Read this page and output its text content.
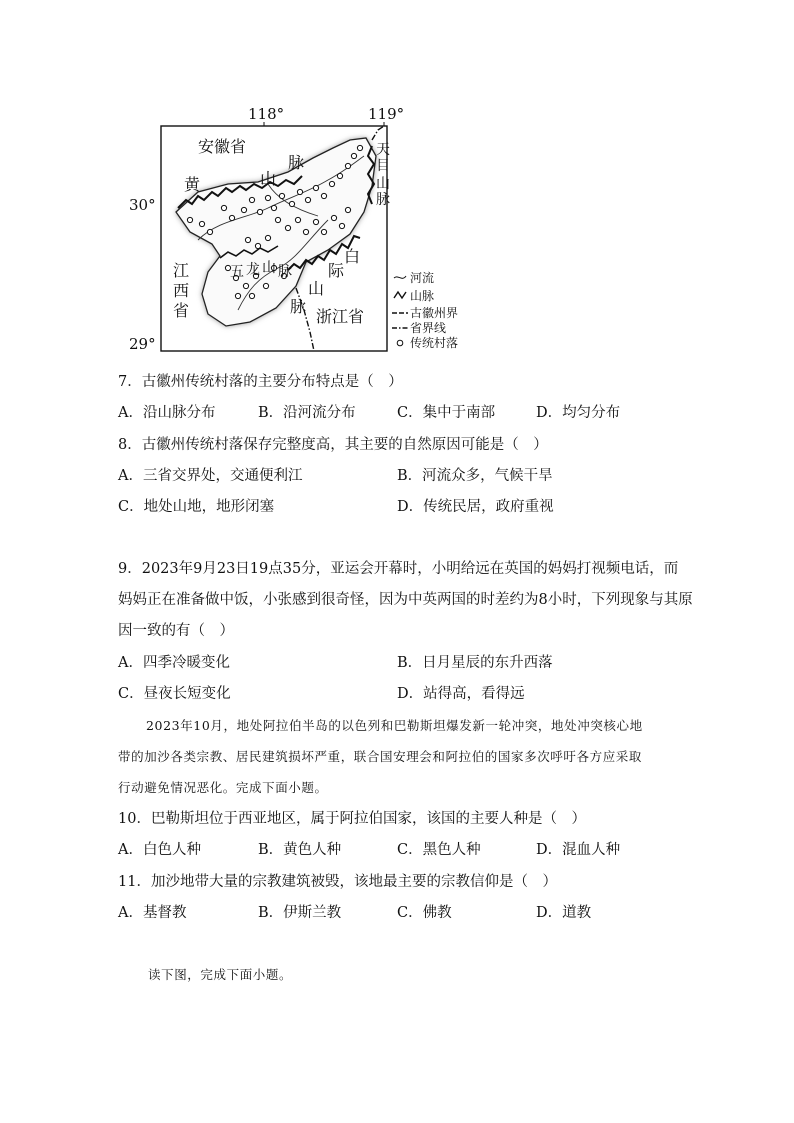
118°	119°
30°
29°
安徽省
黄	山
脉
天
目
山
脉
江
西
省
五 龙 山 脉
白
际
山
脉
浙江省
河流
山脉
古徽州界
省界线
传统村落
7．古徽州传统村落的主要分布特点是（　）
A．沿山脉分布	B．沿河流分布	C．集中于南部	D．均匀分布
8．古徽州传统村落保存完整度高，其主要的自然原因可能是（　）
A．三省交界处，交通便利江	B．河流众多，气候干旱
C．地处山地，地形闭塞	D．传统民居，政府重视
9．2023年9月23日19点35分，亚运会开幕时，小明给远在英国的妈妈打视频电话，而
妈妈正在准备做中饭，小张感到很奇怪，因为中英两国的时差约为8小时，下列现象与其原
因一致的有（　）
A．四季冷暖变化	B．日月星辰的东升西落
C．昼夜长短变化	D．站得高，看得远
2023年10月，地处阿拉伯半岛的以色列和巴勒斯坦爆发新一轮冲突，地处冲突核心地
带的加沙各类宗教、居民建筑损坏严重，联合国安理会和阿拉伯的国家多次呼吁各方应采取
行动避免情况恶化。完成下面小题。
10．巴勒斯坦位于西亚地区，属于阿拉伯国家，该国的主要人种是（　）
A．白色人种	B．黄色人种	C．黑色人种	D．混血人种
11．加沙地带大量的宗教建筑被毁，该地最主要的宗教信仰是（　）
A．基督教	B．伊斯兰教	C．佛教	D．道教
读下图，完成下面小题。
